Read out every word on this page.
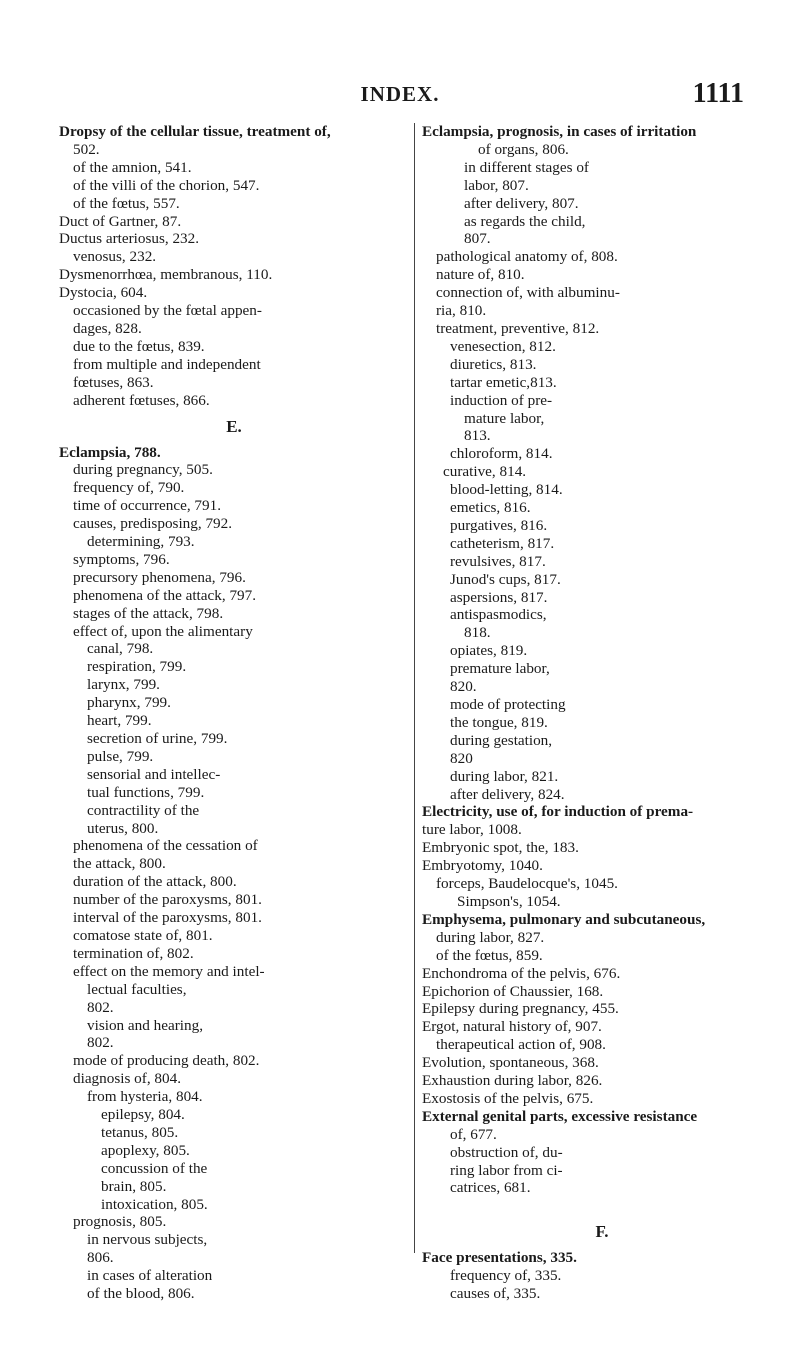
INDEX.	1111
Dropsy of the cellular tissue, treatment of,
502.
of the amnion, 541.
of the villi of the chorion, 547.
of the fœtus, 557.
Duct of Gartner, 87.
Ductus arteriosus, 232.
venosus, 232.
Dysmenorrhœa, membranous, 110.
Dystocia, 604.
occasioned by the fœtal appen-
dages, 828.
due to the fœtus, 839.
from multiple and independent
fœtuses, 863.
adherent fœtuses, 866.
E.
Eclampsia, 788.
during pregnancy, 505.
frequency of, 790.
time of occurrence, 791.
causes, predisposing, 792.
determining, 793.
symptoms, 796.
precursory phenomena, 796.
phenomena of the attack, 797.
stages of the attack, 798.
effect of, upon the alimentary
canal, 798.
respiration, 799.
larynx, 799.
pharynx, 799.
heart, 799.
secretion of urine, 799.
pulse, 799.
sensorial and intellec-
tual functions, 799.
contractility of the
uterus, 800.
phenomena of the cessation of
the attack, 800.
duration of the attack, 800.
number of the paroxysms, 801.
interval of the paroxysms, 801.
comatose state of, 801.
termination of, 802.
effect on the memory and intel-
lectual faculties,
802.
vision and hearing,
802.
mode of producing death, 802.
diagnosis of, 804.
from hysteria, 804.
epilepsy, 804.
tetanus, 805.
apoplexy, 805.
concussion of the
brain, 805.
intoxication, 805.
prognosis, 805.
in nervous subjects,
806.
in cases of alteration
of the blood, 806.
Eclampsia, prognosis, in cases of irritation
of organs, 806.
in different stages of
labor, 807.
after delivery, 807.
as regards the child,
807.
pathological anatomy of, 808.
nature of, 810.
connection of, with albuminu-
ria, 810.
treatment, preventive, 812.
venesection, 812.
diuretics, 813.
tartar emetic,813.
induction of pre-
mature labor,
813.
chloroform, 814.
curative, 814.
blood-letting, 814.
emetics, 816.
purgatives, 816.
catheterism, 817.
revulsives, 817.
Junod's cups, 817.
aspersions, 817.
antispasmodics,
818.
opiates, 819.
premature labor,
820.
mode of protecting
the tongue, 819.
during gestation,
820
during labor, 821.
after delivery, 824.
Electricity, use of, for induction of prema-
ture labor, 1008.
Embryonic spot, the, 183.
Embryotomy, 1040.
forceps, Baudelocque's, 1045.
Simpson's, 1054.
Emphysema, pulmonary and subcutaneous,
during labor, 827.
of the fœtus, 859.
Enchondroma of the pelvis, 676.
Epichorion of Chaussier, 168.
Epilepsy during pregnancy, 455.
Ergot, natural history of, 907.
therapeutical action of, 908.
Evolution, spontaneous, 368.
Exhaustion during labor, 826.
Exostosis of the pelvis, 675.
External genital parts, excessive resistance
of, 677.
obstruction of, du-
ring labor from ci-
catrices, 681.
F.
Face presentations, 335.
frequency of, 335.
causes of, 335.
